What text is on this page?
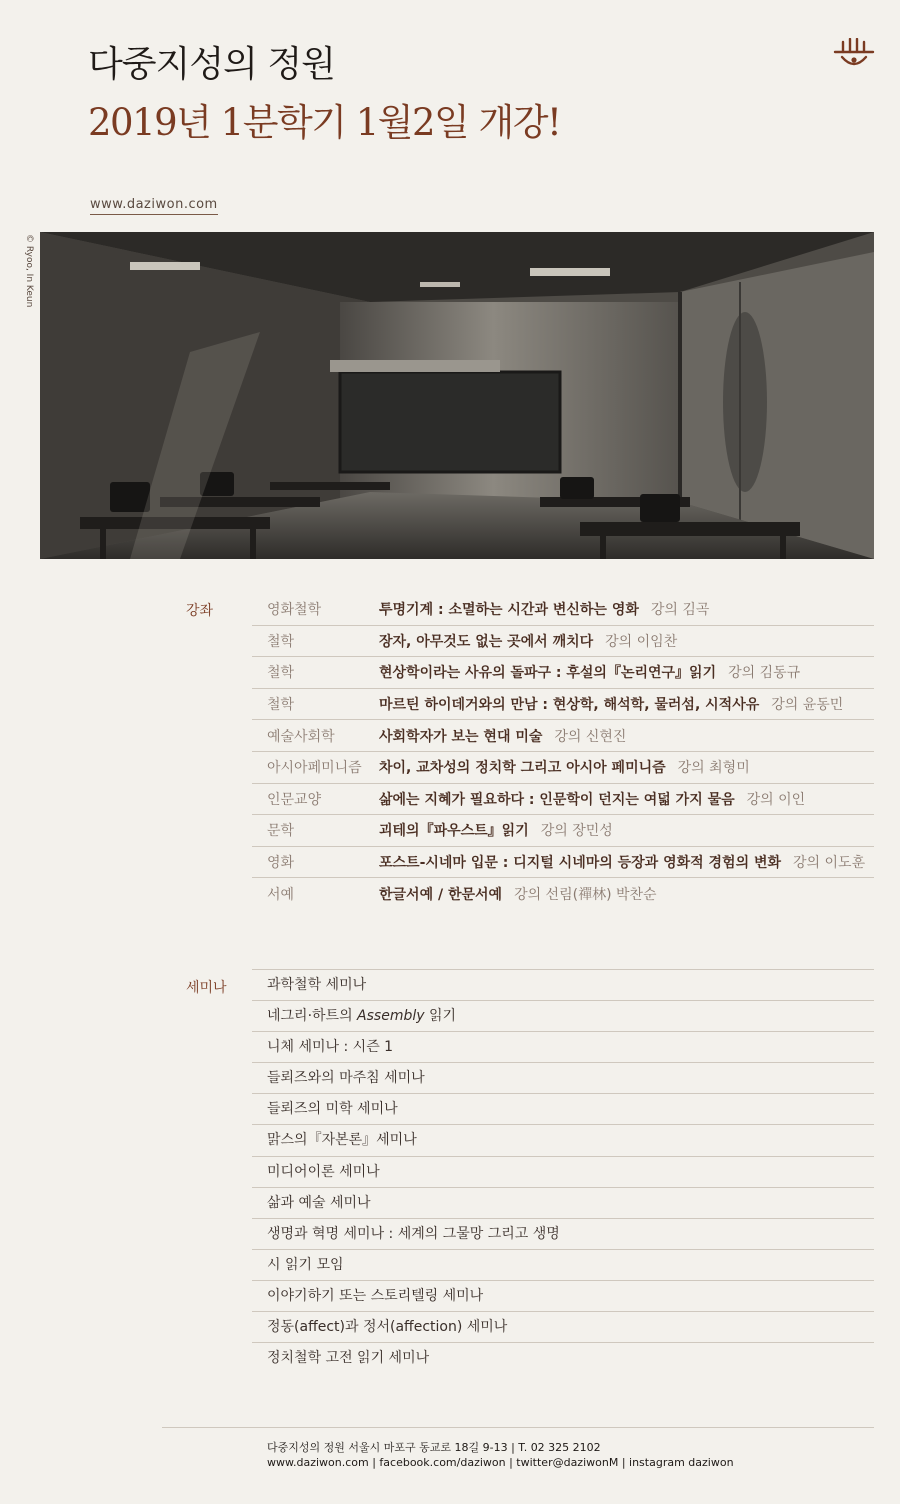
다중지성의 정원
2019년 1분학기 1월2일 개강!
www.daziwon.com
© Ryoo, In Keun
강좌	영화철학	투명기계 : 소멸하는 시간과 변신하는 영화 강의 김곡
철학	장자, 아무것도 없는 곳에서 깨치다 강의 이임찬
철학	현상학이라는 사유의 돌파구 : 후설의『논리연구』읽기 강의 김동규
철학	마르틴 하이데거와의 만남 : 현상학, 해석학, 물러섬, 시적사유 강의 윤동민
예술사회학	사회학자가 보는 현대 미술 강의 신현진
아시아페미니즘	차이, 교차성의 정치학 그리고 아시아 페미니즘 강의 최형미
인문교양	삶에는 지혜가 필요하다 : 인문학이 던지는 여덟 가지 물음 강의 이인
문학	괴테의『파우스트』읽기 강의 장민성
영화	포스트-시네마 입문 : 디지털 시네마의 등장과 영화적 경험의 변화 강의 이도훈
서예	한글서예 / 한문서예 강의 선림(禪林) 박찬순
세미나	과학철학 세미나
네그리·하트의 Assembly 읽기
니체 세미나 : 시즌 1
들뢰즈와의 마주침 세미나
들뢰즈의 미학 세미나
맑스의『자본론』세미나
미디어이론 세미나
삶과 예술 세미나
생명과 혁명 세미나 : 세계의 그물망 그리고 생명
시 읽기 모임
이야기하기 또는 스토리텔링 세미나
정동(affect)과 정서(affection) 세미나
정치철학 고전 읽기 세미나
다중지성의 정원 서울시 마포구 동교로 18길 9-13 | T. 02 325 2102
www.daziwon.com | facebook.com/daziwon | twitter@daziwonM | instagram daziwon
